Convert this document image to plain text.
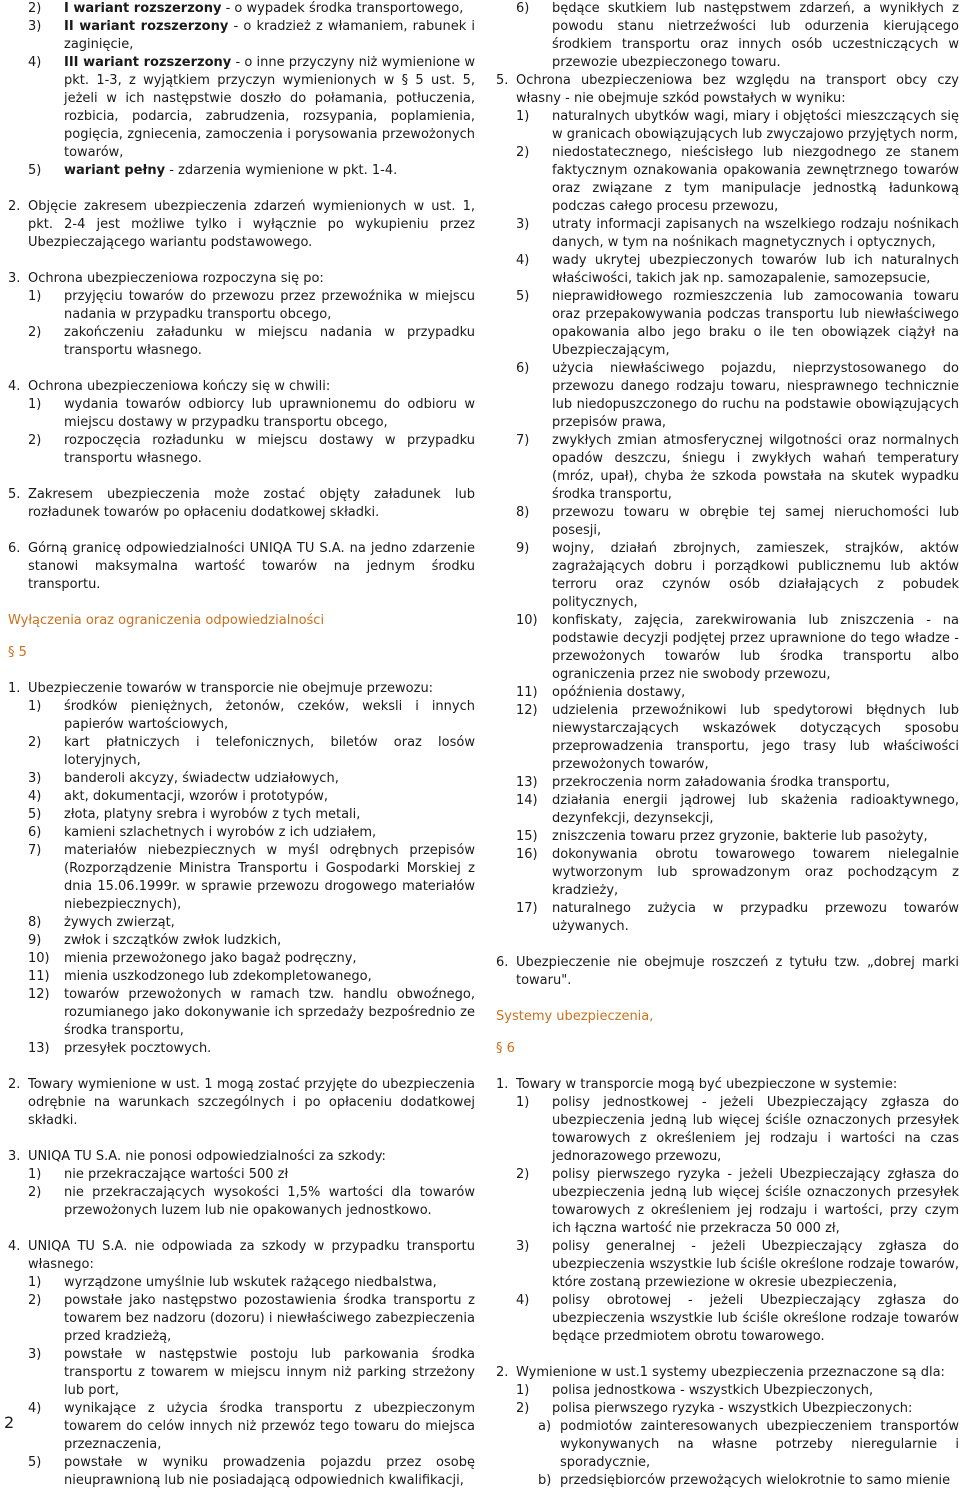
2)	I wariant rozszerzony - o wypadek środka transportowego,
3)	II wariant rozszerzony - o kradzież z włamaniem, rabunek i zaginięcie,
4)	III wariant rozszerzony - o inne przyczyny niż wymienione w pkt. 1-3, z wyjątkiem przyczyn wymienionych w § 5 ust. 5, jeżeli w ich następstwie doszło do połamania, potłuczenia, rozbicia, podarcia, zabrudzenia, rozsypania, poplamienia, pogięcia, zgniecenia, zamoczenia i porysowania przewożonych towarów,
5)	wariant pełny - zdarzenia wymienione w pkt. 1-4.
2. Objęcie zakresem ubezpieczenia zdarzeń wymienionych w ust. 1, pkt. 2-4 jest możliwe tylko i wyłącznie po wykupieniu przez Ubezpieczającego wariantu podstawowego.
3. Ochrona ubezpieczeniowa rozpoczyna się po:
1)	przyjęciu towarów do przewozu przez przewoźnika w miejscu nadania w przypadku transportu obcego,
2)	zakończeniu załadunku w miejscu nadania w przypadku transportu własnego.
4. Ochrona ubezpieczeniowa kończy się w chwili:
1)	wydania towarów odbiorcy lub uprawnionemu do odbioru w miejscu dostawy w przypadku transportu obcego,
2)	rozpoczęcia rozładunku w miejscu dostawy w przypadku transportu własnego.
5. Zakresem ubezpieczenia może zostać objęty załadunek lub rozładunek towarów po opłaceniu dodatkowej składki.
6. Górną granicę odpowiedzialności UNIQA TU S.A. na jedno zdarzenie stanowi maksymalna wartość towarów na jednym środku transportu.

Wyłączenia oraz ograniczenia odpowiedzialności

§ 5

1. Ubezpieczenie towarów w transporcie nie obejmuje przewozu:
1)	środków pieniężnych, żetonów, czeków, weksli i innych papierów wartościowych,
2)	kart płatniczych i telefonicznych, biletów oraz losów loteryjnych,
3)	banderoli akcyzy, świadectw udziałowych,
4)	akt, dokumentacji, wzorów i prototypów,
5)	złota, platyny srebra i wyrobów z tych metali,
6)	kamieni szlachetnych i wyrobów z ich udziałem,
7)	materiałów niebezpiecznych w myśl odrębnych przepisów (Rozporządzenie Ministra Transportu i Gospodarki Morskiej z dnia 15.06.1999r. w sprawie przewozu drogowego materiałów niebezpiecznych),
8)	żywych zwierząt,
9)	zwłok i szczątków zwłok ludzkich,
10)	mienia przewożonego jako bagaż podręczny,
11)	mienia uszkodzonego lub zdekompletowanego,
12)	towarów przewożonych w ramach tzw. handlu obwoźnego, rozumianego jako dokonywanie ich sprzedaży bezpośrednio ze środka transportu,
13)	przesyłek pocztowych.
2. Towary wymienione w ust. 1 mogą zostać przyjęte do ubezpieczenia odrębnie na warunkach szczególnych i po opłaceniu dodatkowej składki.
3. UNIQA TU S.A. nie ponosi odpowiedzialności za szkody:
1)	nie przekraczające wartości 500 zł
2)	nie przekraczających wysokości 1,5% wartości dla towarów przewożonych luzem lub nie opakowanych jednostkowo.
4. UNIQA TU S.A. nie odpowiada za szkody w przypadku transportu własnego:
1)	wyrządzone umyślnie lub wskutek rażącego niedbalstwa,
2)	powstałe jako następstwo pozostawienia środka transportu z towarem bez nadzoru (dozoru) i niewłaściwego zabezpieczenia przed kradzieżą,
3)	powstałe w następstwie postoju lub parkowania środka transportu z towarem w miejscu innym niż parking strzeżony lub port,
4)	wynikające z użycia środka transportu z ubezpieczonym towarem do celów innych niż przewóz tego towaru do miejsca przeznaczenia,
5)	powstałe w wyniku prowadzenia pojazdu przez osobę nieuprawnioną lub nie posiadającą odpowiednich kwalifikacji,
6)	będące skutkiem lub następstwem zdarzeń, a wynikłych z powodu stanu nietrzeźwości lub odurzenia kierującego środkiem transportu oraz innych osób uczestniczących w przewozie ubezpieczonego towaru.
5. Ochrona ubezpieczeniowa bez względu na transport obcy czy własny - nie obejmuje szkód powstałych w wyniku:
1)	naturalnych ubytków wagi, miary i objętości mieszczących się w granicach obowiązujących lub zwyczajowo przyjętych norm,
2)	niedostatecznego, nieścisłego lub niezgodnego ze stanem faktycznym oznakowania opakowania zewnętrznego towarów oraz związane z tym manipulacje jednostką ładunkową podczas całego procesu przewozu,
3)	utraty informacji zapisanych na wszelkiego rodzaju nośnikach danych, w tym na nośnikach magnetycznych i optycznych,
4)	wady ukrytej ubezpieczonych towarów lub ich naturalnych właściwości, takich jak np. samozapalenie, samozepsucie,
5)	nieprawidłowego rozmieszczenia lub zamocowania towaru oraz przepakowywania podczas transportu lub niewłaściwego opakowania albo jego braku o ile ten obowiązek ciążył na Ubezpieczającym,
6)	użycia niewłaściwego pojazdu, nieprzystosowanego do przewozu danego rodzaju towaru, niesprawnego technicznie lub niedopuszczonego do ruchu na podstawie obowiązujących przepisów prawa,
7)	zwykłych zmian atmosferycznej wilgotności oraz normalnych opadów deszczu, śniegu i zwykłych wahań temperatury (mróz, upał), chyba że szkoda powstała na skutek wypadku środka transportu,
8)	przewozu towaru w obrębie tej samej nieruchomości lub posesji,
9)	wojny, działań zbrojnych, zamieszek, strajków, aktów zagrażających dobru i porządkowi publicznemu lub aktów terroru oraz czynów osób działających z pobudek politycznych,
10)	konfiskaty, zajęcia, zarekwirowania lub zniszczenia - na podstawie decyzji podjętej przez uprawnione do tego władze - przewożonych towarów lub środka transportu albo ograniczenia przez nie swobody przewozu,
11)	opóźnienia dostawy,
12)	udzielenia przewoźnikowi lub spedytorowi błędnych lub niewystarczających wskazówek dotyczących sposobu przeprowadzenia transportu, jego trasy lub właściwości przewożonych towarów,
13)	przekroczenia norm załadowania środka transportu,
14)	działania energii jądrowej lub skażenia radioaktywnego, dezynfekcji, dezynsekcji,
15)	zniszczenia towaru przez gryzonie, bakterie lub pasożyty,
16)	dokonywania obrotu towarowego towarem nielegalnie wytworzonym lub sprowadzonym oraz pochodzącym z kradzieży,
17)	naturalnego zużycia w przypadku przewozu towarów używanych.
6. Ubezpieczenie nie obejmuje roszczeń z tytułu tzw. „dobrej marki towaru".

Systemy ubezpieczenia,

§ 6

1. Towary w transporcie mogą być ubezpieczone w systemie:
1)	polisy jednostkowej - jeżeli Ubezpieczający zgłasza do ubezpieczenia jedną lub więcej ściśle oznaczonych przesyłek towarowych z określeniem jej rodzaju i wartości na czas jednorazowego przewozu,
2)	polisy pierwszego ryzyka - jeżeli Ubezpieczający zgłasza do ubezpieczenia jedną lub więcej ściśle oznaczonych przesyłek towarowych z określeniem jej rodzaju i wartości, przy czym ich łączna wartość nie przekracza 50 000 zł,
3)	polisy generalnej - jeżeli Ubezpieczający zgłasza do ubezpieczenia wszystkie lub ściśle określone rodzaje towarów, które zostaną przewiezione w okresie ubezpieczenia,
4)	polisy obrotowej - jeżeli Ubezpieczający zgłasza do ubezpieczenia wszystkie lub ściśle określone rodzaje towarów będące przedmiotem obrotu towarowego.
2. Wymienione w ust.1 systemy ubezpieczenia przeznaczone są dla:
1)	polisa jednostkowa - wszystkich Ubezpieczonych,
2)	polisa pierwszego ryzyka - wszystkich Ubezpieczonych:
a) podmiotów zainteresowanych ubezpieczeniem transportów wykonywanych na własne potrzeby nieregularnie i sporadycznie,
b) przedsiębiorców przewożących wielokrotnie to samo mienie
2
